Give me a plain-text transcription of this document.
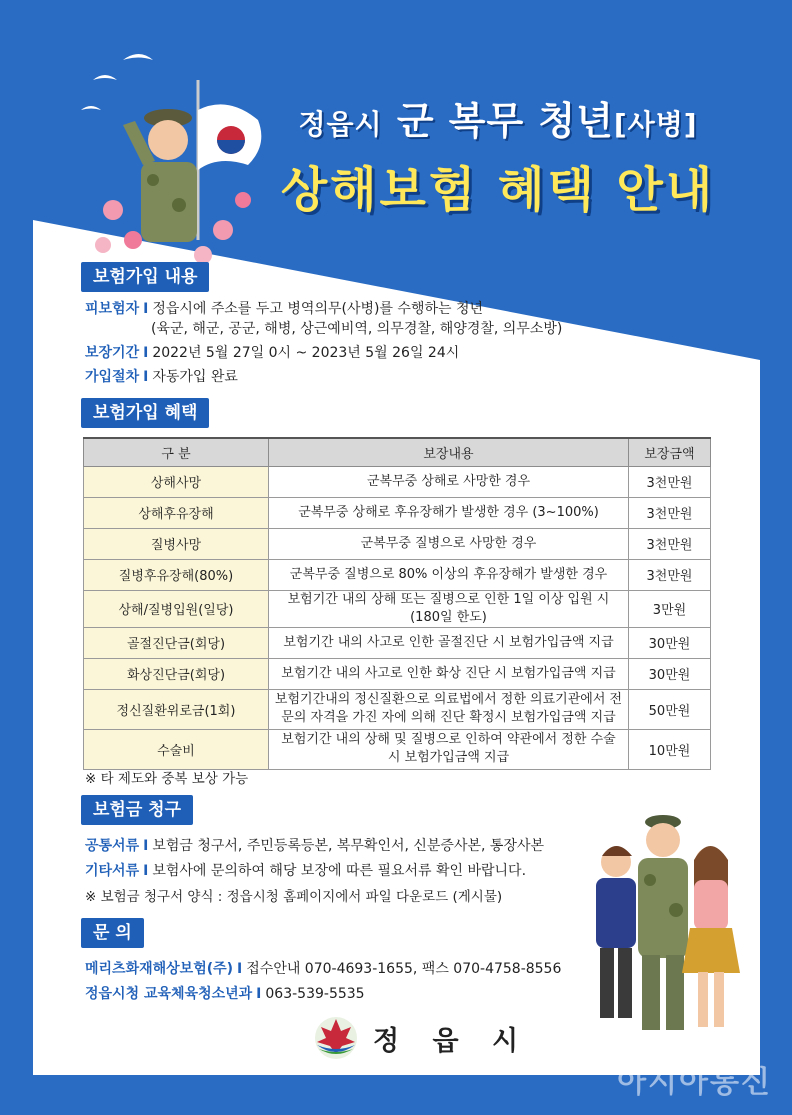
정읍시 군 복무 청년[사병]
상해보험 혜택 안내
보험가입 내용
피보험자 I 정읍시에 주소를 두고 병역의무(사병)를 수행하는 청년
(육군, 해군, 공군, 해병, 상근예비역, 의무경찰, 해양경찰, 의무소방)
보장기간 I 2022년 5월 27일 0시 ~ 2023년 5월 26일 24시
가입절차 I 자동가입 완료
보험가입 혜택
구 분	보장내용	보장금액
상해사망	군복무중 상해로 사망한 경우	3천만원
상해후유장해	군복무중 상해로 후유장해가 발생한 경우 (3~100%)	3천만원
질병사망	군복무중 질병으로 사망한 경우	3천만원
질병후유장해(80%)	군복무중 질병으로 80% 이상의 후유장해가 발생한 경우	3천만원
상해/질병입원(일당)	보험기간 내의 상해 또는 질병으로 인한 1일 이상 입원 시(180일 한도)	3만원
골절진단금(회당)	보험기간 내의 사고로 인한 골절진단 시 보험가입금액 지급	30만원
화상진단금(회당)	보험기간 내의 사고로 인한 화상 진단 시 보험가입금액 지급	30만원
정신질환위로금(1회)	보험기간내의 정신질환으로 의료법에서 정한 의료기관에서 전문의 자격을 가진 자에 의해 진단 확정시 보험가입금액 지급	50만원
수술비	보험기간 내의 상해 및 질병으로 인하여 약관에서 정한 수술 시 보험가입금액 지급	10만원
※ 타 제도와 중복 보상 가능
보험금 청구
공통서류 I 보험금 청구서, 주민등록등본, 복무확인서, 신분증사본, 통장사본
기타서류 I 보험사에 문의하여 해당 보장에 따른 필요서류 확인 바랍니다.
※ 보험금 청구서 양식 : 정읍시청 홈페이지에서 파일 다운로드 (게시물)
문 의
메리츠화재해상보험(주) I 접수안내 070-4693-1655, 팩스 070-4758-8556
정읍시청 교육체육청소년과 I 063-539-5535
정 읍 시
아시아통신
